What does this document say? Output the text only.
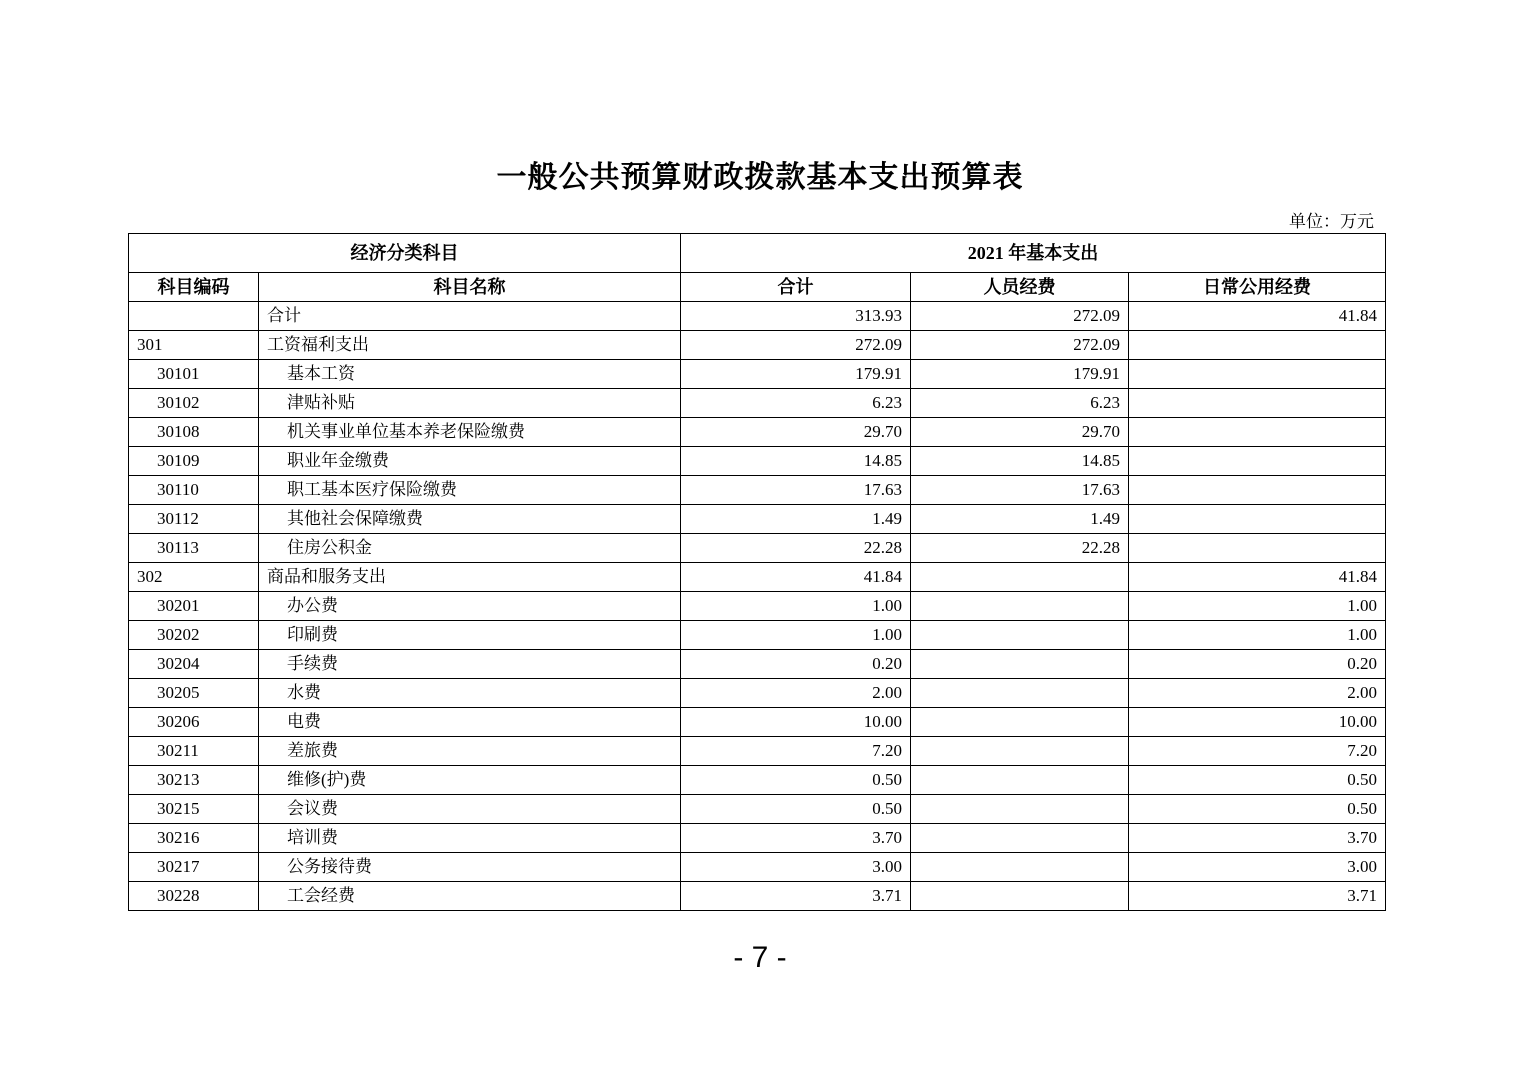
一般公共预算财政拨款基本支出预算表
单位：万元
经济分类科目		2021 年基本支出		
科目编码	科目名称	合计	人员经费	日常公用经费
	合计	313.93	272.09	41.84
301	工资福利支出	272.09	272.09	
30101	基本工资	179.91	179.91	
30102	津贴补贴	6.23	6.23	
30108	机关事业单位基本养老保险缴费	29.70	29.70	
30109	职业年金缴费	14.85	14.85	
30110	职工基本医疗保险缴费	17.63	17.63	
30112	其他社会保障缴费	1.49	1.49	
30113	住房公积金	22.28	22.28	
302	商品和服务支出	41.84		41.84
30201	办公费	1.00		1.00
30202	印刷费	1.00		1.00
30204	手续费	0.20		0.20
30205	水费	2.00		2.00
30206	电费	10.00		10.00
30211	差旅费	7.20		7.20
30213	维修(护)费	0.50		0.50
30215	会议费	0.50		0.50
30216	培训费	3.70		3.70
30217	公务接待费	3.00		3.00
30228	工会经费	3.71		3.71
- 7 -
